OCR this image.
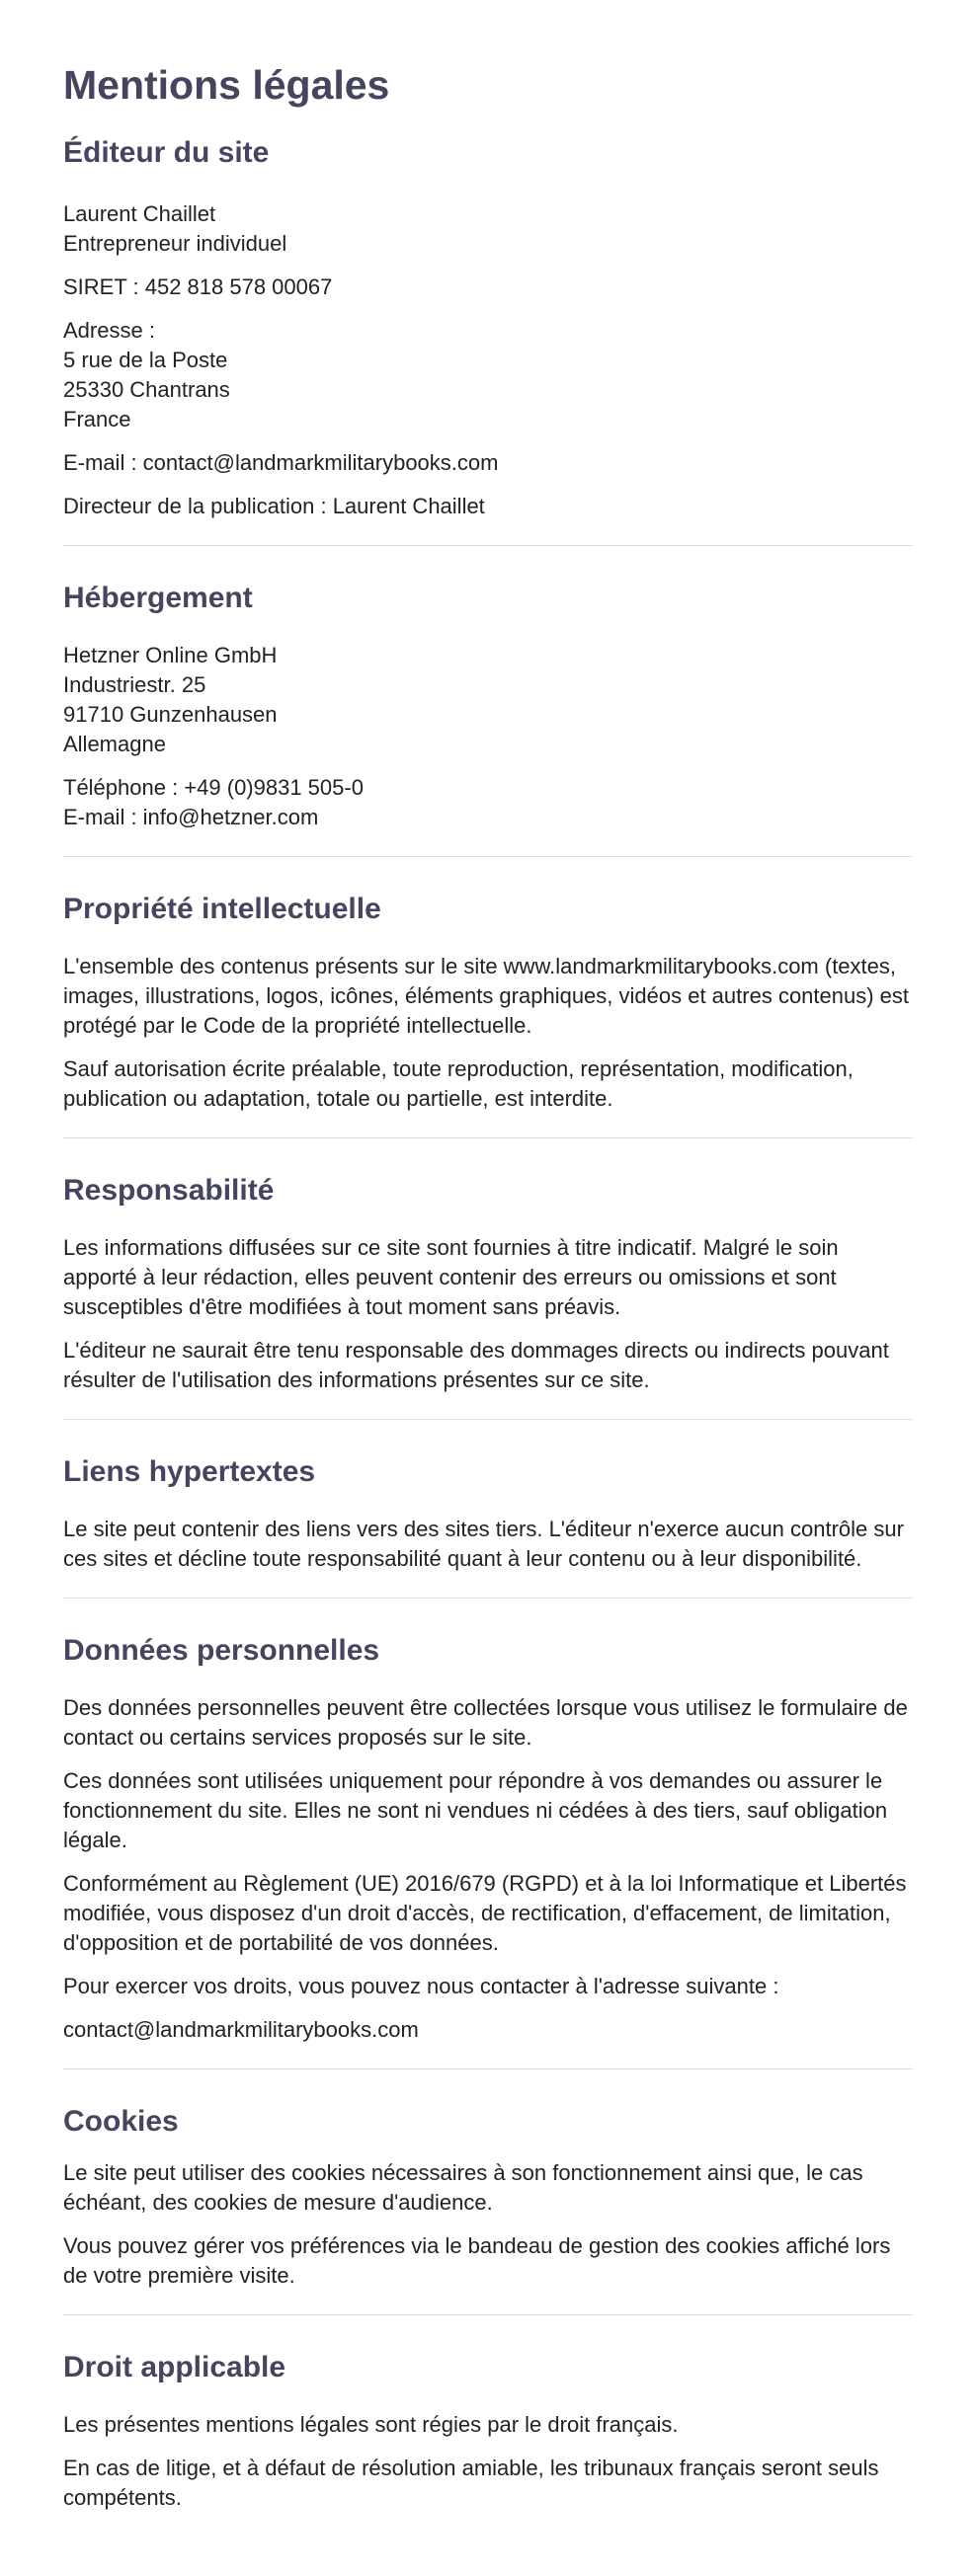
Mentions légales
Éditeur du site

Laurent Chaillet
Entrepreneur individuel

SIRET : 452 818 578 00067

Adresse :
5 rue de la Poste
25330 Chantrans
France

E-mail : contact@landmarkmilitarybooks.com

Directeur de la publication : Laurent Chaillet

Hébergement

Hetzner Online GmbH
Industriestr. 25
91710 Gunzenhausen
Allemagne

Téléphone : +49 (0)9831 505-0
E-mail : info@hetzner.com

Propriété intellectuelle

L'ensemble des contenus présents sur le site www.landmarkmilitarybooks.com (textes, images, illustrations, logos, icônes, éléments graphiques, vidéos et autres contenus) est protégé par le Code de la propriété intellectuelle.

Sauf autorisation écrite préalable, toute reproduction, représentation, modification, publication ou adaptation, totale ou partielle, est interdite.

Responsabilité

Les informations diffusées sur ce site sont fournies à titre indicatif. Malgré le soin apporté à leur rédaction, elles peuvent contenir des erreurs ou omissions et sont susceptibles d'être modifiées à tout moment sans préavis.

L'éditeur ne saurait être tenu responsable des dommages directs ou indirects pouvant résulter de l'utilisation des informations présentes sur ce site.

Liens hypertextes

Le site peut contenir des liens vers des sites tiers. L'éditeur n'exerce aucun contrôle sur ces sites et décline toute responsabilité quant à leur contenu ou à leur disponibilité.

Données personnelles

Des données personnelles peuvent être collectées lorsque vous utilisez le formulaire de contact ou certains services proposés sur le site.

Ces données sont utilisées uniquement pour répondre à vos demandes ou assurer le fonctionnement du site. Elles ne sont ni vendues ni cédées à des tiers, sauf obligation légale.

Conformément au Règlement (UE) 2016/679 (RGPD) et à la loi Informatique et Libertés modifiée, vous disposez d'un droit d'accès, de rectification, d'effacement, de limitation, d'opposition et de portabilité de vos données.

Pour exercer vos droits, vous pouvez nous contacter à l'adresse suivante :

contact@landmarkmilitarybooks.com

Cookies

Le site peut utiliser des cookies nécessaires à son fonctionnement ainsi que, le cas échéant, des cookies de mesure d'audience.

Vous pouvez gérer vos préférences via le bandeau de gestion des cookies affiché lors de votre première visite.

Droit applicable

Les présentes mentions légales sont régies par le droit français.

En cas de litige, et à défaut de résolution amiable, les tribunaux français seront seuls compétents.
